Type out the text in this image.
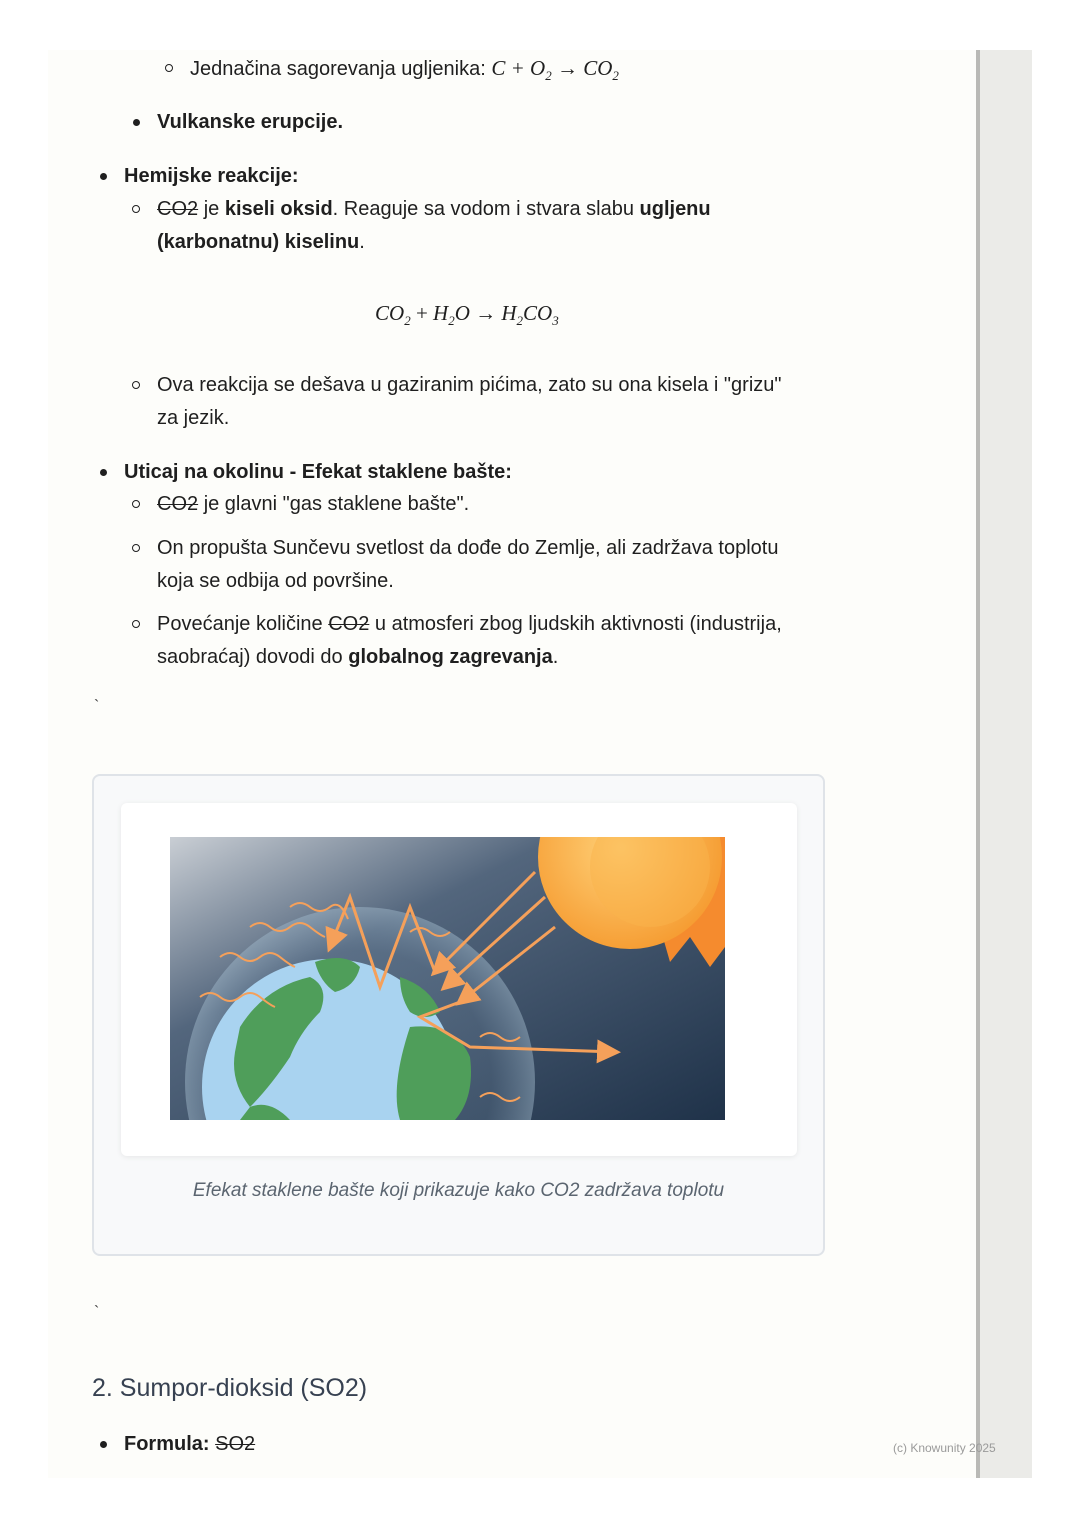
(c) Knowunity 2025
Jednačina sagorevanja ugljenika: $C + O_2 \to CO_2$
Vulkanske erupcije.
Hemijske reakcije:
CO2 je kiseli oksid. Reaguje sa vodom i stvara slabu ugljenu
(karbonatnu) kiselinu.
$CO_2 + H_2O \to H_2CO_3$
Ova reakcija se dešava u gaziranim pićima, zato su ona kisela i "grizu"
za jezik.
Uticaj na okolinu - Efekat staklene bašte:
CO2 je glavni "gas staklene bašte".
On propušta Sunčevu svetlost da dođe do Zemlje, ali zadržava toplotu
koja se odbija od površine.
Povećanje količine CO2 u atmosferi zbog ljudskih aktivnosti (industrija,
saobraćaj) dovodi do globalnog zagrevanja.
`
Efekat staklene bašte koji prikazuje kako CO2 zadržava toplotu
`
2. Sumpor-dioksid (SO2)
Formula: SO2
